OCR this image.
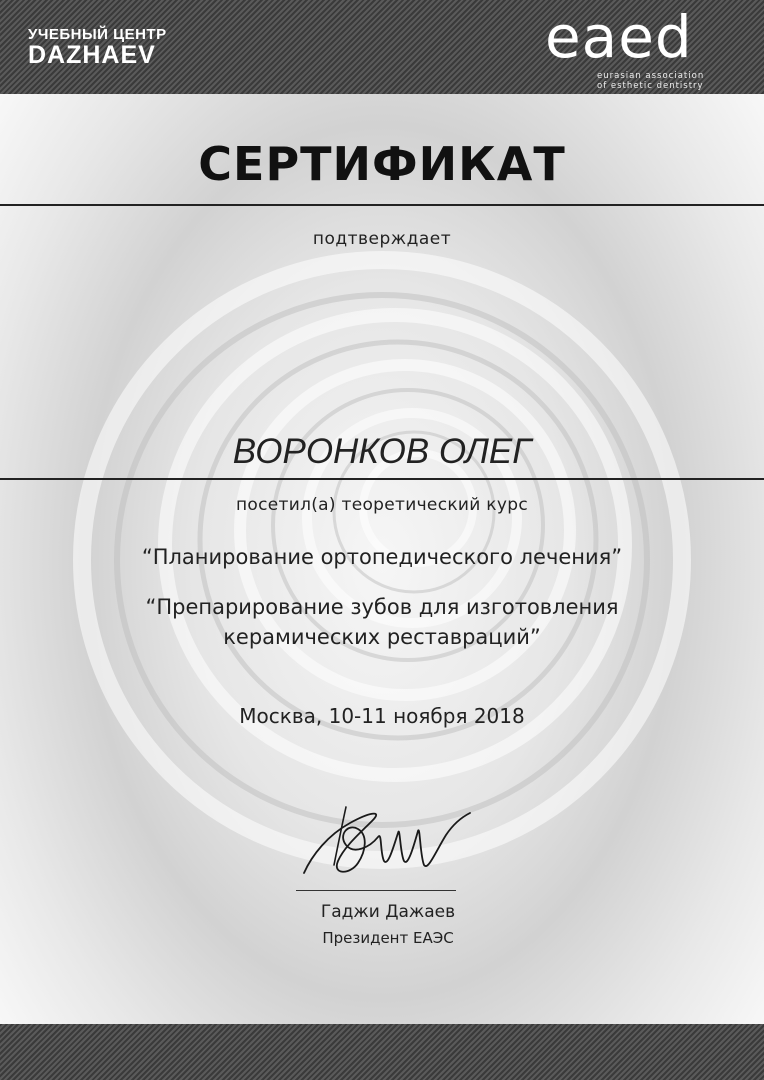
УЧЕБНЫЙ ЦЕНТР
DAZHAEV	eaed
eurasian association
of esthetic dentistry
СЕРТИФИКАТ
подтверждает
ВОРОНКОВ ОЛЕГ
посетил(а) теоретический курс
“Планирование ортопедического лечения”
“Препарирование зубов для изготовления
керамических реставраций”
Москва, 10-11 ноября 2018
Гаджи Дажаев
Президент ЕАЭС
